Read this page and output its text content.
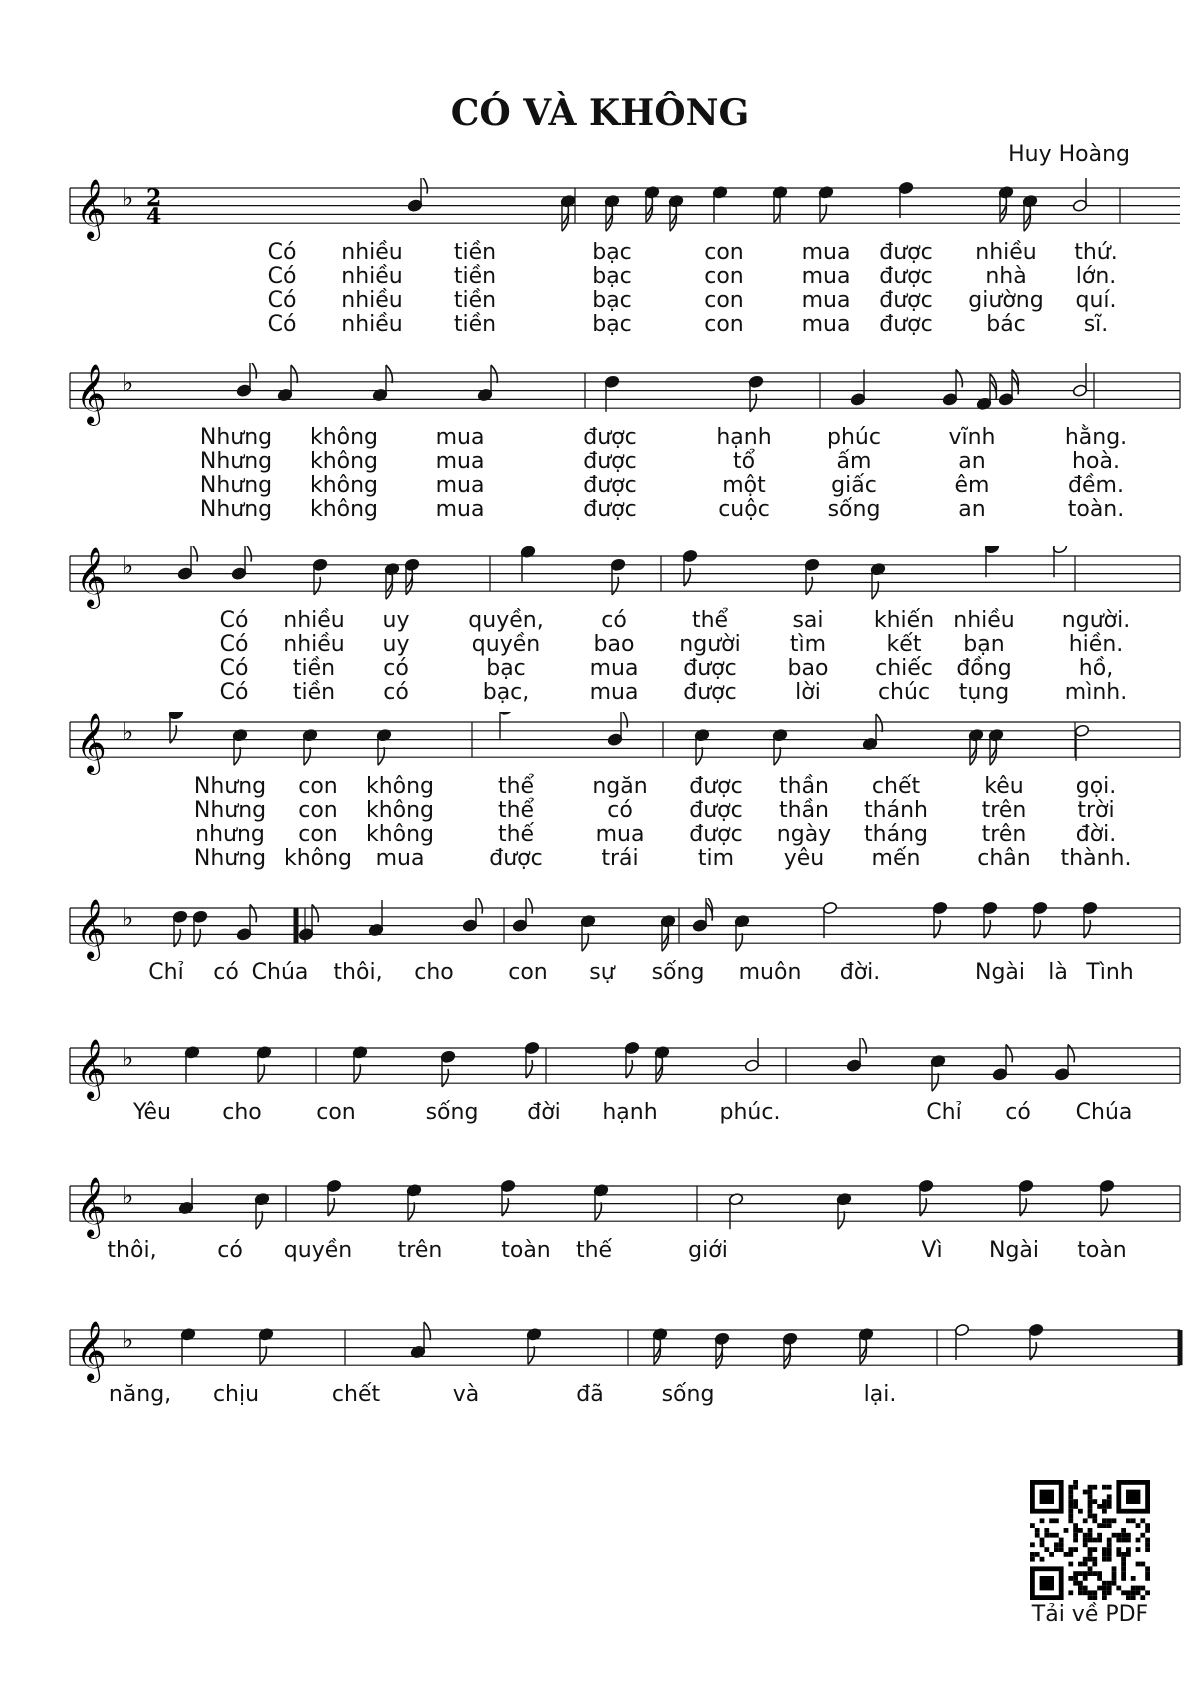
CÓ VÀ KHÔNG
Huy Hoàng
𝄞 ♭ 2
4
Có nhiều tiền	bạc	con	mua được nhiều thứ.
Có nhiều tiền	bạc	con	mua được nhà lớn.
Có nhiều tiền	bạc	con	mua được giường quí.
Có nhiều tiền	bạc	con	mua được bác	sĩ.
𝄞 ♭
Nhưng không	mua	được	hạnh	phúc	vĩnh	hằng.
Nhưng không	mua	được	tổ	ấm	an	hoà.
Nhưng không	mua	được	một	giấc	êm	đềm.
Nhưng không	mua	được	cuộc	sống	an	toàn.
𝄞 ♭
Có nhiều uy	quyền,	có	thể	sai khiến nhiều người.
Có nhiều uy	quyền bao người tìm	kết bạn	hiền.
Có tiền có	bạc	mua được bao chiếc đồng	hồ,
Có tiền có	bạc,	mua được	lời	chúc tụng	mình.
𝄞 ♭
Nhưng con không	thể	ngăn được thần chết	kêu gọi.
Nhưng con không	thể	có	được thần thánh trên trời
nhưng con không	thế	mua được ngày tháng trên đời.
Nhưng không mua	được	trái	tim yêu mến	chân thành.
𝄞 ♭
Chỉ có Chúa thôi, cho con sự sống muôn đời.	Ngài là Tình
𝄞 ♭
Yêu cho con	sống đời hạnh	phúc.	Chỉ có Chúa
𝄞 ♭
thôi,	có quyền trên	toàn thế	giới	Vì Ngài toàn
𝄞 ♭
năng, chịu	chết	và	đã	sống	lại.
Tải về PDF
